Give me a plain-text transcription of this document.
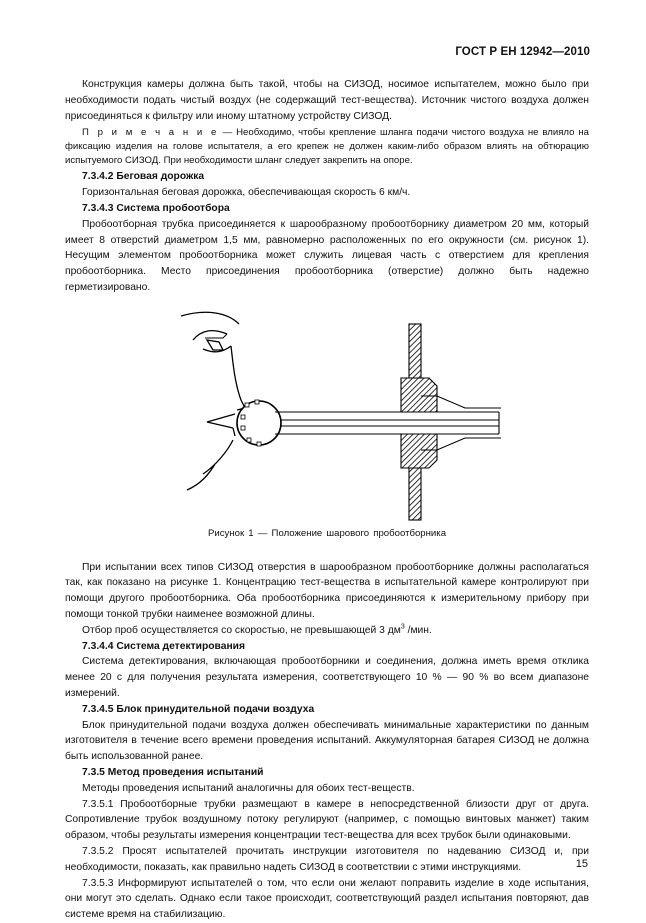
ГОСТ Р ЕН 12942—2010

Конструкция камеры должна быть такой, чтобы на СИЗОД, носимое испытателем, можно было при необходимости подать чистый воздух (не содержащий тест-вещества). Источник чистого воздуха должен присоединяться к фильтру или иному штатному устройству СИЗОД.

П р и м е ч а н и е — Необходимо, чтобы крепление шланга подачи чистого воздуха не влияло на фиксацию изделия на голове испытателя, а его крепеж не должен каким-либо образом влиять на обтюрацию испытуемого СИЗОД. При необходимости шланг следует закрепить на опоре.

7.3.4.2 Беговая дорожка

Горизонтальная беговая дорожка, обеспечивающая скорость 6 км/ч.

7.3.4.3 Система пробоотбора

Пробоотборная трубка присоединяется к шарообразному пробоотборнику диаметром 20 мм, который имеет 8 отверстий диаметром 1,5 мм, равномерно расположенных по его окружности (см. рисунок 1). Несущим элементом пробоотборника может служить лицевая часть с отверстием для крепления пробоотборника. Место присоединения пробоотборника (отверстие) должно быть надежно герметизировано.

Рисунок 1 — Положение шарового пробоотборника

При испытании всех типов СИЗОД отверстия в шарообразном пробоотборнике должны располагаться так, как показано на рисунке 1. Концентрацию тест-вещества в испытательной камере контролируют при помощи другого пробоотборника. Оба пробоотборника присоединяются к измерительному прибору при помощи тонкой трубки наименее возможной длины.

Отбор проб осуществляется со скоростью, не превышающей 3 $дм^3$ /мин.

7.3.4.4 Система детектирования

Система детектирования, включающая пробоотборники и соединения, должна иметь время отклика менее 20 с для получения результата измерения, соответствующего 10 % — 90 % во всем диапазоне измерений.

7.3.4.5 Блок принудительной подачи воздуха

Блок принудительной подачи воздуха должен обеспечивать минимальные характеристики по данным изготовителя в течение всего времени проведения испытаний. Аккумуляторная батарея СИЗОД не должна быть использованной ранее.

7.3.5 Метод проведения испытаний

Методы проведения испытаний аналогичны для обоих тест-веществ.

7.3.5.1 Пробоотборные трубки размещают в камере в непосредственной близости друг от друга. Сопротивление трубок воздушному потоку регулируют (например, с помощью винтовых манжет) таким образом, чтобы результаты измерения концентрации тест-вещества для всех трубок были одинаковыми.

7.3.5.2 Просят испытателей прочитать инструкции изготовителя по надеванию СИЗОД и, при необходимости, показать, как правильно надеть СИЗОД в соответствии с этими инструкциями.

7.3.5.3 Информируют испытателей о том, что если они желают поправить изделие в ходе испытания, они могут это сделать. Однако если такое происходит, соответствующий раздел испытания повторяют, дав системе время на стабилизацию.

15
